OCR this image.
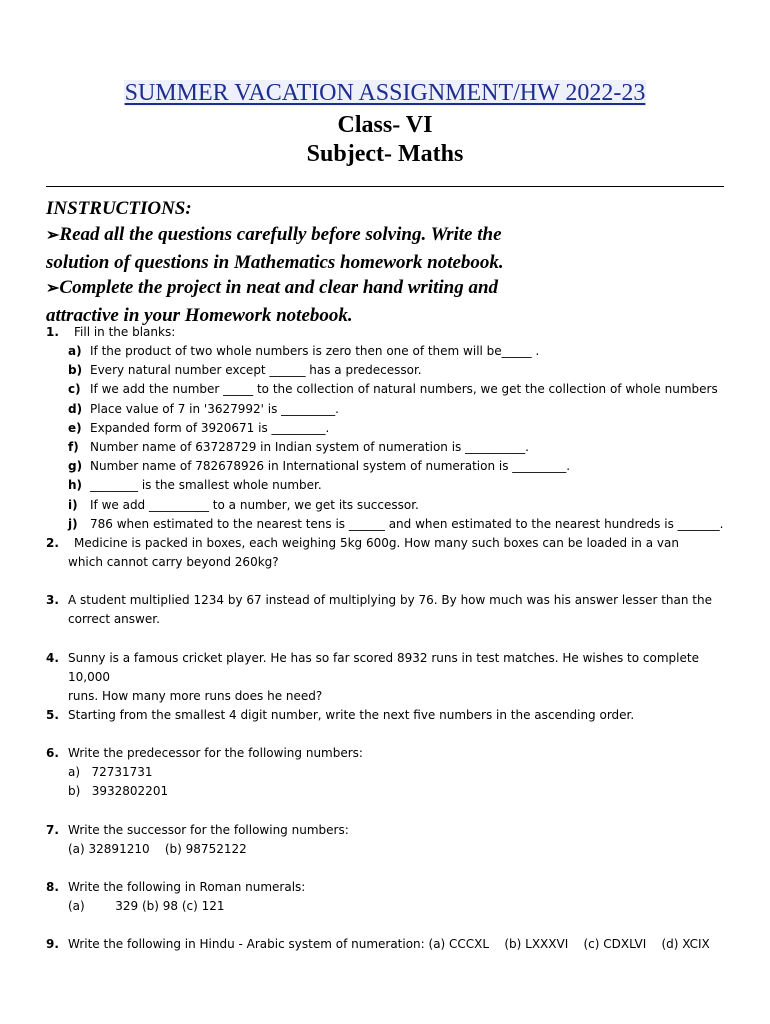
SUMMER VACATION ASSIGNMENT/HW 2022-23
Class- VI
Subject- Maths
INSTRUCTIONS:
➢Read all the questions carefully before solving. Write the
solution of questions in Mathematics homework notebook.
➢Complete the project in neat and clear hand writing and
attractive in your Homework notebook.
1.	Fill in the blanks:
a) If the product of two whole numbers is zero then one of them will be_____ .
b) Every natural number except ______ has a predecessor.
c) If we add the number _____ to the collection of natural numbers, we get the collection of whole numbers
d) Place value of 7 in '3627992' is _________.
e) Expanded form of 3920671 is _________.
f) Number name of 63728729 in Indian system of numeration is __________.
g) Number name of 782678926 in International system of numeration is _________.
h) ________ is the smallest whole number.
i) If we add __________ to a number, we get its successor.
j) 786 when estimated to the nearest tens is ______ and when estimated to the nearest hundreds is _______.
2.	Medicine is packed in boxes, each weighing 5kg 600g. How many such boxes can be loaded in a van
which cannot carry beyond 260kg?
3. A student multiplied 1234 by 67 instead of multiplying by 76. By how much was his answer lesser than the
correct answer.
4. Sunny is a famous cricket player. He has so far scored 8932 runs in test matches. He wishes to complete 10,000
runs. How many more runs does he need?
5. Starting from the smallest 4 digit number, write the next five numbers in the ascending order.
6. Write the predecessor for the following numbers:
a)   72731731
b)   3932802201
7. Write the successor for the following numbers:
(a) 32891210    (b) 98752122
8. Write the following in Roman numerals:
(a)        329 (b) 98 (c) 121
9. Write the following in Hindu - Arabic system of numeration: (a) CCCXL    (b) LXXXVI    (c) CDXLVI    (d) XCIX
